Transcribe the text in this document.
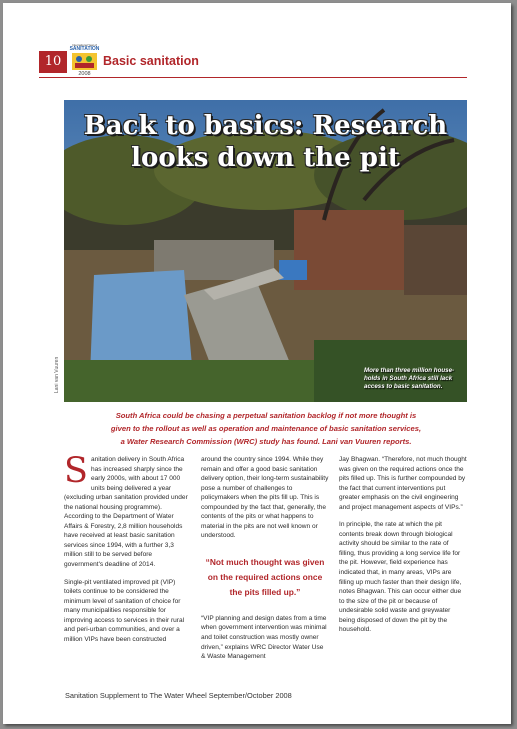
10
International Year of
SANITATION
2008
Basic sanitation
Back to basics: Research
looks down the pit
More than three million house-holds in South Africa still lack access to basic sanitation.
Lani van Vuuren
South Africa could be chasing a perpetual sanitation backlog if not more thought is
given to the rollout as well as operation and maintenance of basic sanitation services,
a Water Research Commission (WRC) study has found. Lani van Vuuren reports.

Sanitation delivery in South Africa has increased sharply since the early 2000s, with about 17 000 units being delivered a year (excluding urban sanitation provided under the national housing programme). According to the Department of Water Affairs & Forestry, 2,8 million households have received at least basic sanitation services since 1994, with a further 3,3 million still to be served before government's deadline of 2014.

Single-pit ventilated improved pit (VIP) toilets continue to be considered the minimum level of sanitation of choice for many municipalities responsible for improving access to services in their rural and peri-urban communities, and over a million VIPs have been constructed

around the country since 1994. While they remain and offer a good basic sanitation delivery option, their long-term sustainability pose a number of challenges to policymakers when the pits fill up. This is compounded by the fact that, generally, the contents of the pits or what happens to material in the pits are not well known or understood.

“Not much thought was given on the required actions once the pits filled up.”

“VIP planning and design dates from a time when government intervention was minimal and toilet construction was mostly owner driven,” explains WRC Director Water Use & Waste Management

Jay Bhagwan. “Therefore, not much thought was given on the required actions once the pits filled up. This is further compounded by the fact that current interventions put greater emphasis on the civil engineering and project management aspects of VIPs.”

In principle, the rate at which the pit contents break down through biological activity should be similar to the rate of filling, thus providing a long service life for the pit. However, field experience has indicated that, in many areas, VIPs are filling up much faster than their design life, notes Bhagwan. This can occur either due to the size of the pit or because of undesirable solid waste and greywater being disposed of down the pit by the household.

Sanitation Supplement to The Water Wheel September/October 2008
